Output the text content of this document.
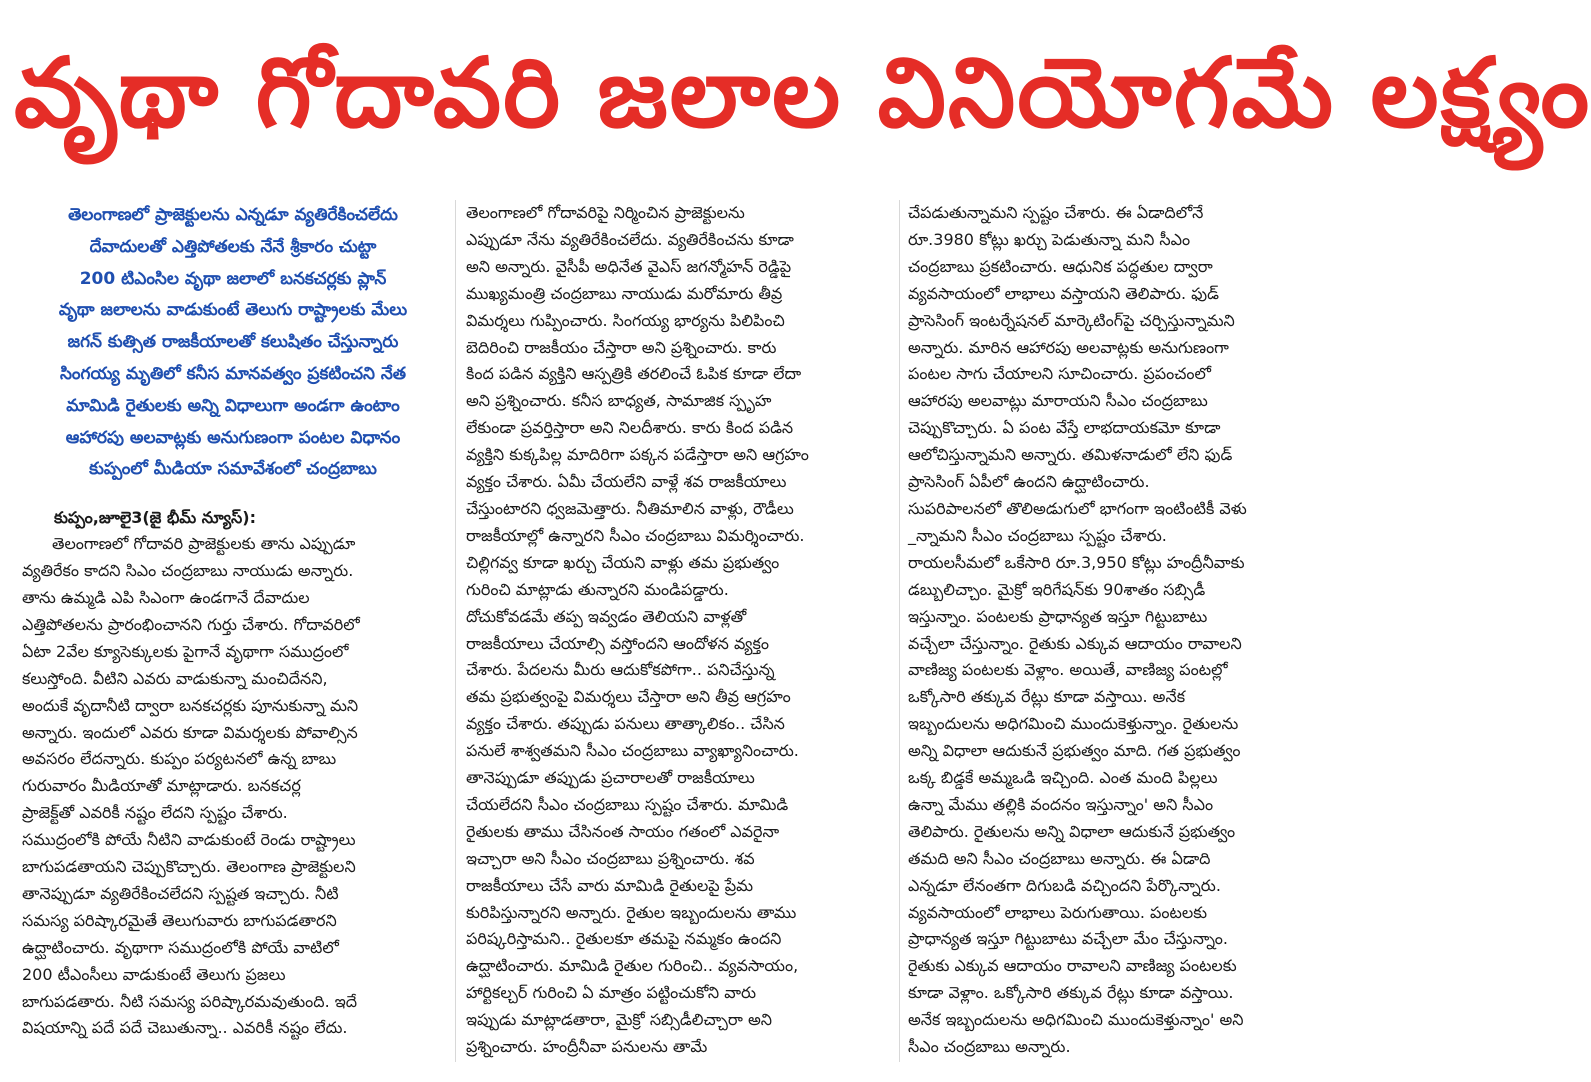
వృథా గోదావరి జలాల వినియోగమే లక్ష్యం
తెలంగాణలో ప్రాజెక్టులను ఎన్నడూ వ్యతిరేకించలేదు
దేవాదులతో ఎత్తిపోతలకు నేనే శ్రీకారం చుట్టా
200 టిఎంసిల వృథా జలాలో బనకచర్లకు ప్లాన్
వృథా జలాలను వాడుకుంటే తెలుగు రాష్ట్రాలకు మేలు
జగన్ కుత్సిత రాజకీయాలతో కలుషితం చేస్తున్నారు
సింగయ్య మృతిలో కనీస మానవత్వం ప్రకటించని నేత
మామిడి రైతులకు అన్ని విధాలుగా అండగా ఉంటాం
ఆహారపు అలవాట్లకు అనుగుణంగా పంటల విధానం
కుప్పంలో మీడియా సమావేశంలో చంద్రబాబు
కుప్పం,జూలై3(జై భీమ్ న్యూస్):

తెలంగాణలో గోదావరి ప్రాజెక్టులకు తాను ఎప్పుడూ
వ్యతిరేకం కాదని సిఎం చంద్రబాబు నాయుడు అన్నారు.
తాను ఉమ్మడి ఎపి సిఎంగా ఉండగానే దేవాదుల
ఎత్తిపోతలను ప్రారంభించానని గుర్తు చేశారు. గోదావరిలో
ఏటా 2వేల క్యూసెక్కులకు పైగానే వృథాగా సముద్రంలో
కలుస్తోంది. వీటిని ఎవరు వాడుకున్నా మంచిదేనని,
అందుకే వృదానీటి ద్వారా బనకచర్లకు పూనుకున్నా మని
అన్నారు. ఇందులో ఎవరు కూడా విమర్శలకు పోవాల్సిన
అవసరం లేదన్నారు. కుప్పం పర్యటనలో ఉన్న బాబు
గురువారం మీడియాతో మాట్లాడారు. బనకచర్ల
ప్రాజెక్ట్‌తో ఎవరికీ నష్టం లేదని స్పష్టం చేశారు.
సముద్రంలోకి పోయే నీటిని వాడుకుంటే రెండు రాష్ట్రాలు
బాగుపడతాయని చెప్పుకొచ్చారు. తెలంగాణ ప్రాజెక్టులని
తానెప్పుడూ వ్యతిరేకించలేదని స్పష్టత ఇచ్చారు. నీటి
సమస్య పరిష్కారమైతే తెలుగువారు బాగుపడతారని
ఉద్ఘాటించారు. వృథాగా సముద్రంలోకి పోయే వాటిలో
200 టీఎంసీలు వాడుకుంటే తెలుగు ప్రజలు
బాగుపడతారు. నీటి సమస్య పరిష్కారమవుతుంది. ఇదే
విషయాన్ని పదే పదే చెబుతున్నా.. ఎవరికీ నష్టం లేదు.

తెలంగాణలో గోదావరిపై నిర్మించిన ప్రాజెక్టులను
ఎప్పుడూ నేను వ్యతిరేకించలేదు. వ్యతిరేకించను కూడా
అని అన్నారు. వైసీపీ అధినేత వైఎస్ జగన్మోహన్ రెడ్డిపై
ముఖ్యమంత్రి చంద్రబాబు నాయుడు మరోమారు తీవ్ర
విమర్శలు గుప్పించారు. సింగయ్య భార్యను పిలిపించి
బెదిరించి రాజకీయం చేస్తారా అని ప్రశ్నించారు. కారు
కింద పడిన వ్యక్తిని ఆస్పత్రికి తరలించే ఓపిక కూడా లేదా
అని ప్రశ్నించారు. కనీస బాధ్యత, సామాజిక స్పృహ
లేకుండా ప్రవర్తిస్తారా అని నిలదీశారు. కారు కింద పడిన
వ్యక్తిని కుక్కపిల్ల మాదిరిగా పక్కన పడేస్తారా అని ఆగ్రహం
వ్యక్తం చేశారు. ఏమీ చేయలేని వాళ్లే శవ రాజకీయాలు
చేస్తుంటారని ధ్వజమెత్తారు. నీతిమాలిన వాళ్లు, రౌడీలు
రాజకీయాల్లో ఉన్నారని సీఎం చంద్రబాబు విమర్శించారు.
చిల్లిగవ్వ కూడా ఖర్చు చేయని వాళ్లు తమ ప్రభుత్వం
గురించి మాట్లాడు తున్నారని మండిపడ్డారు.
దోచుకోవడమే తప్ప ఇవ్వడం తెలియని వాళ్లతో
రాజకీయాలు చేయాల్సి వస్తోందని ఆందోళన వ్యక్తం
చేశారు. పేదలను మీరు ఆదుకోకపోగా.. పనిచేస్తున్న
తమ ప్రభుత్వంపై విమర్శలు చేస్తారా అని తీవ్ర ఆగ్రహం
వ్యక్తం చేశారు. తప్పుడు పనులు తాత్కాలికం.. చేసిన
పనులే శాశ్వతమని సీఎం చంద్రబాబు వ్యాఖ్యానించారు.
తానెప్పుడూ తప్పుడు ప్రచారాలతో రాజకీయాలు
చేయలేదని సీఎం చంద్రబాబు స్పష్టం చేశారు. మామిడి
రైతులకు తాము చేసినంత సాయం గతంలో ఎవరైనా
ఇచ్చారా అని సీఎం చంద్రబాబు ప్రశ్నించారు. శవ
రాజకీయాలు చేసే వారు మామిడి రైతులపై ప్రేమ
కురిపిస్తున్నారని అన్నారు. రైతుల ఇబ్బందులను తాము
పరిష్కరిస్తామని.. రైతులకూ తమపై నమ్మకం ఉందని
ఉద్ఘాటించారు. మామిడి రైతుల గురించి.. వ్యవసాయం,
హార్టికల్చర్ గురించి ఏ మాత్రం పట్టించుకోని వారు
ఇప్పుడు మాట్లాడతారా, మైక్రో సబ్సిడీలిచ్చారా అని
ప్రశ్నించారు. హంద్రీనీవా పనులను తామే

చేపడుతున్నామని స్పష్టం చేశారు. ఈ ఏడాదిలోనే
రూ.3980 కోట్లు ఖర్చు పెడుతున్నా మని సీఎం
చంద్రబాబు ప్రకటించారు. ఆధునిక పద్ధతుల ద్వారా
వ్యవసాయంలో లాభాలు వస్తాయని తెలిపారు. ఫుడ్
ప్రాసెసింగ్ ఇంటర్నేషనల్ మార్కెటింగ్‌పై చర్చిస్తున్నామని
అన్నారు. మారిన ఆహారపు అలవాట్లకు అనుగుణంగా
పంటల సాగు చేయాలని సూచించారు. ప్రపంచంలో
ఆహారపు అలవాట్లు మారాయని సీఎం చంద్రబాబు
చెప్పుకొచ్చారు. ఏ పంట వేస్తే లాభదాయకమో కూడా
ఆలోచిస్తున్నామని అన్నారు. తమిళనాడులో లేని ఫుడ్
ప్రాసెసింగ్ ఏపీలో ఉందని ఉద్ఘాటించారు.
సుపరిపాలనలో తొలిఅడుగులో భాగంగా ఇంటింటికీ వెళు
_న్నామని సీఎం చంద్రబాబు స్పష్టం చేశారు.
రాయలసీమలో ఒకేసారి రూ.3,950 కోట్లు హంద్రీనీవాకు
డబ్బులిచ్చాం. మైక్రో ఇరిగేషన్‌కు 90శాతం సబ్సిడీ
ఇస్తున్నాం. పంటలకు ప్రాధాన్యత ఇస్తూ గిట్టుబాటు
వచ్చేలా చేస్తున్నాం. రైతుకు ఎక్కువ ఆదాయం రావాలని
వాణిజ్య పంటలకు వెళ్లాం. అయితే, వాణిజ్య పంటల్లో
ఒక్కోసారి తక్కువ రేట్లు కూడా వస్తాయి. అనేక
ఇబ్బందులను అధిగమించి ముందుకెళ్తున్నాం. రైతులను
అన్ని విధాలా ఆదుకునే ప్రభుత్వం మాది. గత ప్రభుత్వం
ఒక్క బిడ్డకే అమ్మఒడి ఇచ్చింది. ఎంత మంది పిల్లలు
ఉన్నా మేము తల్లికి వందనం ఇస్తున్నాం' అని సీఎం
తెలిపారు. రైతులను అన్ని విధాలా ఆదుకునే ప్రభుత్వం
తమది అని సీఎం చంద్రబాబు అన్నారు. ఈ ఏడాది
ఎన్నడూ లేనంతగా దిగుబడి వచ్చిందని పేర్కొన్నారు.
వ్యవసాయంలో లాభాలు పెరుగుతాయి. పంటలకు
ప్రాధాన్యత ఇస్తూ గిట్టుబాటు వచ్చేలా మేం చేస్తున్నాం.
రైతుకు ఎక్కువ ఆదాయం రావాలని వాణిజ్య పంటలకు
కూడా వెళ్లాం. ఒక్కోసారి తక్కువ రేట్లు కూడా వస్తాయి.
అనేక ఇబ్బందులను అధిగమించి ముందుకెళ్తున్నాం' అని
సీఎం చంద్రబాబు అన్నారు.
